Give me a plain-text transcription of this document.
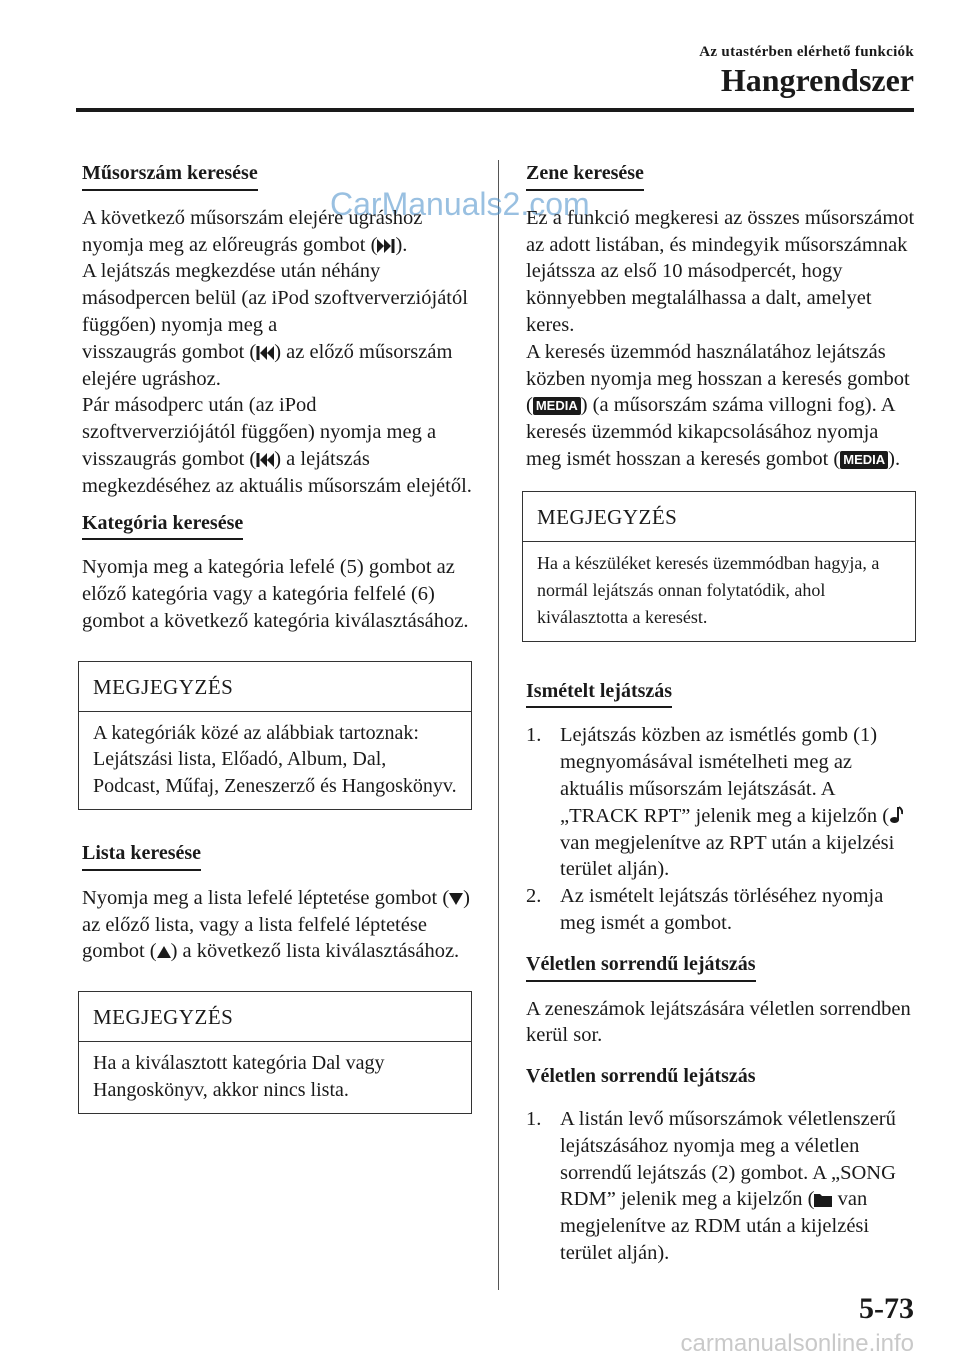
Az utastérben elérhető funkciók
Hangrendszer
CarManuals2.com
Műsorszám keresése
A következő műsorszám elejére ugráshoz nyomja meg az előreugrás gombot ( ).
A lejátszás megkezdése után néhány másodpercen belül (az iPod szoftververziójától függően) nyomja meg a
visszaugrás gombot ( ) az előző műsorszám elejére ugráshoz.
Pár másodperc után (az iPod szoftververziójától függően) nyomja meg a
visszaugrás gombot ( ) a lejátszás megkezdéséhez az aktuális műsorszám elejétől.
Kategória keresése
Nyomja meg a kategória lefelé (5) gombot az előző kategória vagy a kategória felfelé (6) gombot a következő kategória kiválasztásához.
MEGJEGYZÉS
A kategóriák közé az alábbiak tartoznak: Lejátszási lista, Előadó, Album, Dal, Podcast, Műfaj, Zeneszerző és Hangoskönyv.
Lista keresése
Nyomja meg a lista lefelé léptetése gombot ( ) az előző lista, vagy a lista felfelé léptetése gombot ( ) a következő lista kiválasztásához.
MEGJEGYZÉS
Ha a kiválasztott kategória Dal vagy Hangoskönyv, akkor nincs lista.
Zene keresése
Ez a funkció megkeresi az összes műsorszámot az adott listában, és mindegyik műsorszámnak lejátssza az első 10 másodpercét, hogy könnyebben megtalálhassa a dalt, amelyet keres.
A keresés üzemmód használatához lejátszás közben nyomja meg hosszan a keresés gombot ( MEDIA ) (a műsorszám száma villogni fog). A keresés üzemmód kikapcsolásához nyomja meg ismét hosszan a keresés gombot ( MEDIA ).
MEGJEGYZÉS
Ha a készüléket keresés üzemmódban hagyja, a normál lejátszás onnan folytatódik, ahol kiválasztotta a keresést.
Ismételt lejátszás
1. Lejátszás közben az ismétlés gomb (1) megnyomásával ismételheti meg az aktuális műsorszám lejátszását. A „TRACK RPT” jelenik meg a kijelzőn (
van megjelenítve az RPT után a kijelzési terület alján).
2. Az ismételt lejátszás törléséhez nyomja meg ismét a gombot.
Véletlen sorrendű lejátszás
A zeneszámok lejátszására véletlen sorrendben kerül sor.
Véletlen sorrendű lejátszás
1. A listán levő műsorszámok véletlenszerű lejátszásához nyomja meg a véletlen sorrendű lejátszás (2) gombot. A „SONG RDM” jelenik meg a kijelzőn (
van megjelenítve az RDM után a kijelzési terület alján).
5-73
carmanualsonline.info
